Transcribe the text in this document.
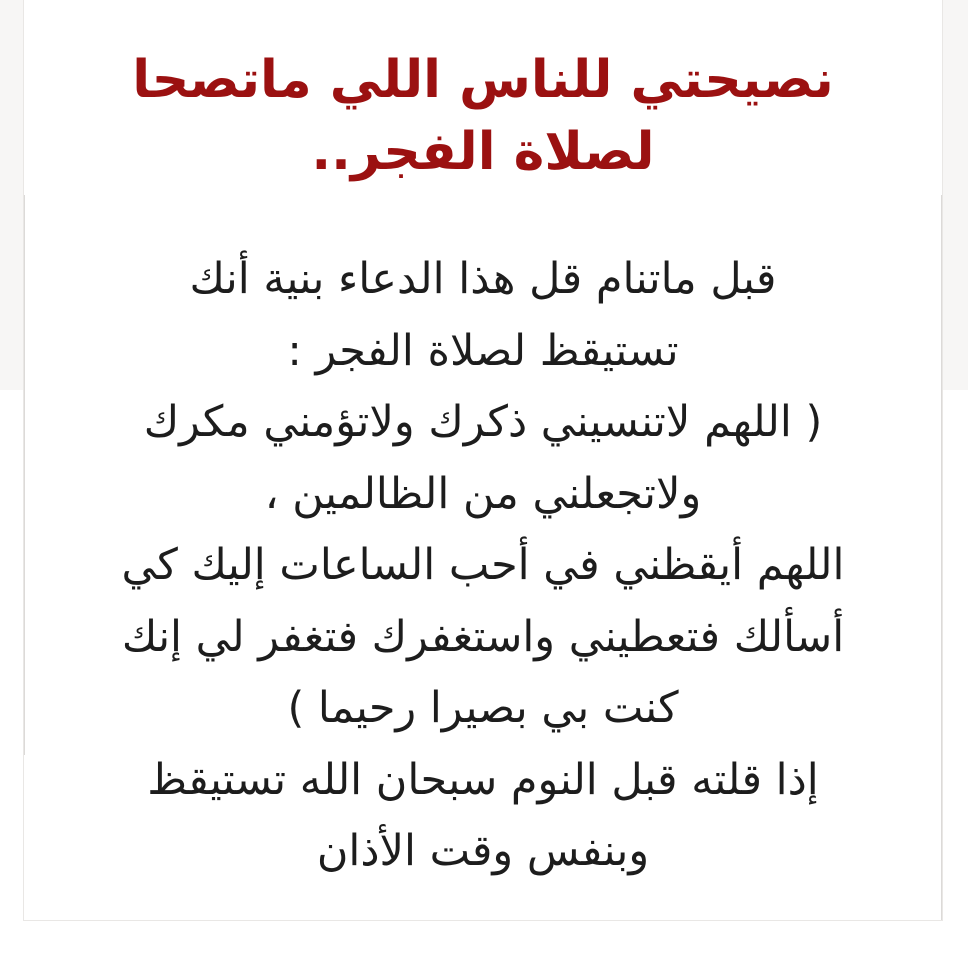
نصيحتي للناس اللي ماتصحا
لصلاة الفجر..
قبل ماتنام قل هذا الدعاء بنية أنك
تستيقظ لصلاة الفجر :
( اللهم لاتنسيني ذكرك ولاتؤمني مكرك
ولاتجعلني من الظالمين ،
اللهم أيقظني في أحب الساعات إليك كي
أسألك فتعطيني واستغفرك فتغفر لي إنك
كنت بي بصيرا رحيما )
إذا قلته قبل النوم سبحان الله تستيقظ
وبنفس وقت الأذان
